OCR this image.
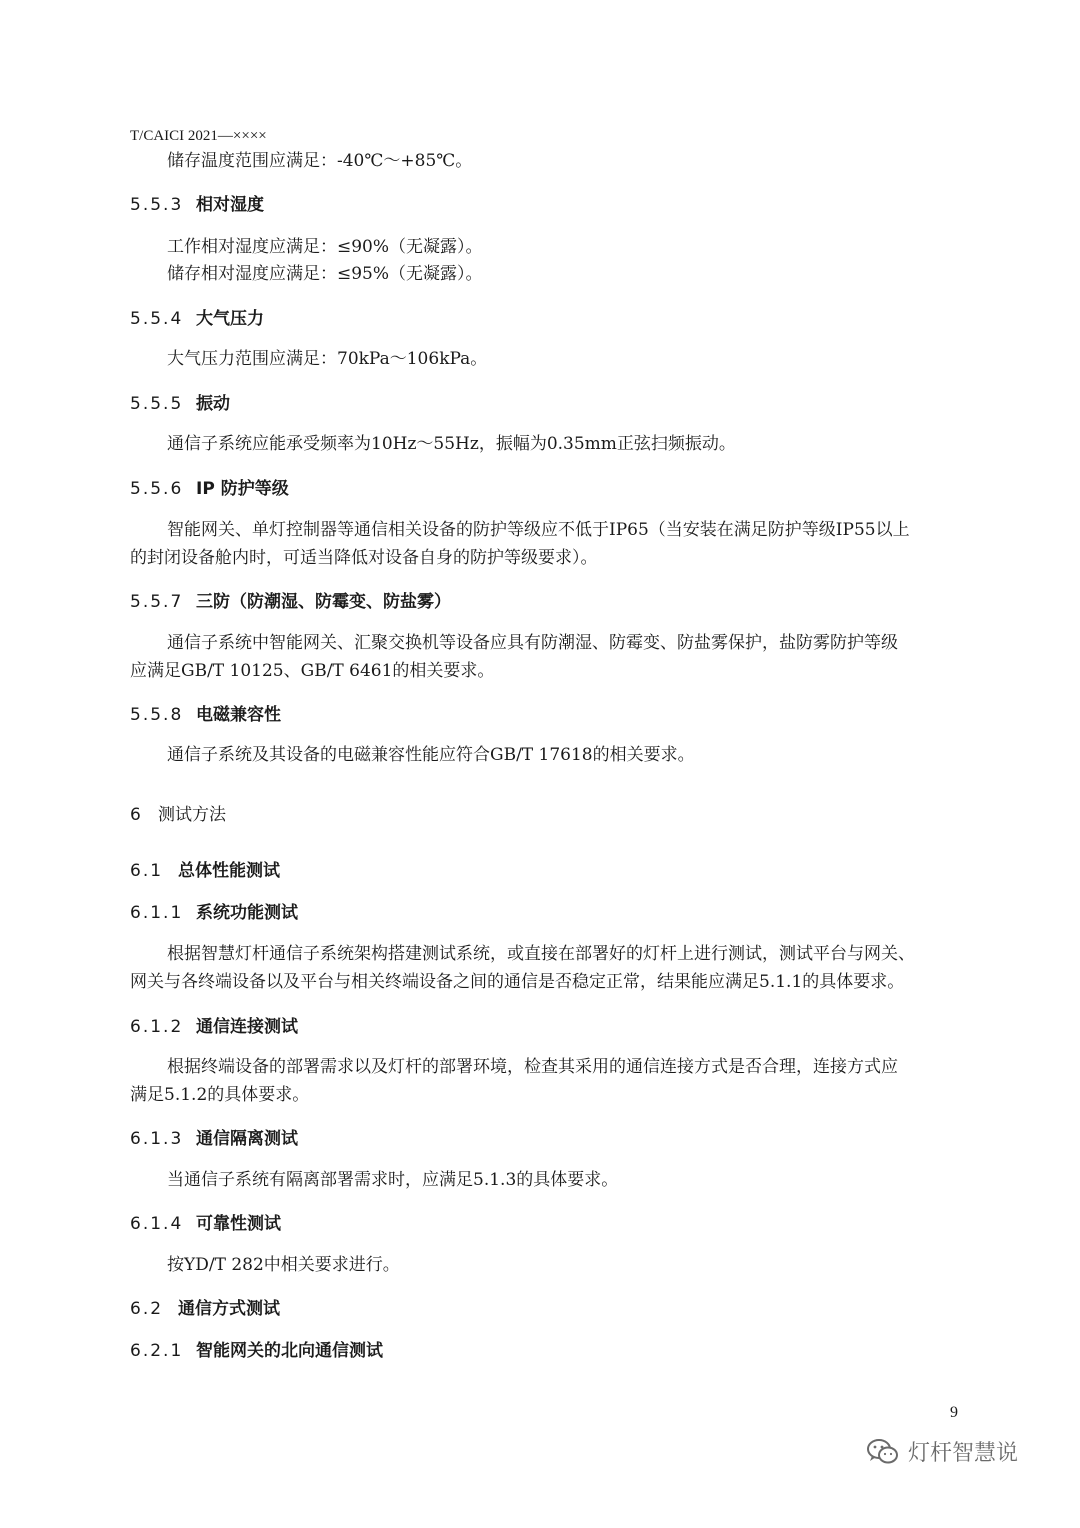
T/CAICI 2021—××××
储存温度范围应满足：-40℃～+85℃。
5.5.3 相对湿度
工作相对湿度应满足：≤90%（无凝露）。
储存相对湿度应满足：≤95%（无凝露）。
5.5.4 大气压力
大气压力范围应满足：70kPa～106kPa。
5.5.5 振动
通信子系统应能承受频率为10Hz～55Hz，振幅为0.35mm正弦扫频振动。
5.5.6 IP 防护等级
智能网关、单灯控制器等通信相关设备的防护等级应不低于IP65（当安装在满足防护等级IP55以上
的封闭设备舱内时，可适当降低对设备自身的防护等级要求）。
5.5.7 三防（防潮湿、防霉变、防盐雾）
通信子系统中智能网关、汇聚交换机等设备应具有防潮湿、防霉变、防盐雾保护，盐防雾防护等级
应满足GB/T 10125、GB/T 6461的相关要求。
5.5.8 电磁兼容性
通信子系统及其设备的电磁兼容性能应符合GB/T 17618的相关要求。
6 测试方法
6.1 总体性能测试
6.1.1 系统功能测试
根据智慧灯杆通信子系统架构搭建测试系统，或直接在部署好的灯杆上进行测试，测试平台与网关、
网关与各终端设备以及平台与相关终端设备之间的通信是否稳定正常，结果能应满足5.1.1的具体要求。
6.1.2 通信连接测试
根据终端设备的部署需求以及灯杆的部署环境，检查其采用的通信连接方式是否合理，连接方式应
满足5.1.2的具体要求。
6.1.3 通信隔离测试
当通信子系统有隔离部署需求时，应满足5.1.3的具体要求。
6.1.4 可靠性测试
按YD/T 282中相关要求进行。
6.2 通信方式测试
6.2.1 智能网关的北向通信测试
9
灯杆智慧说
